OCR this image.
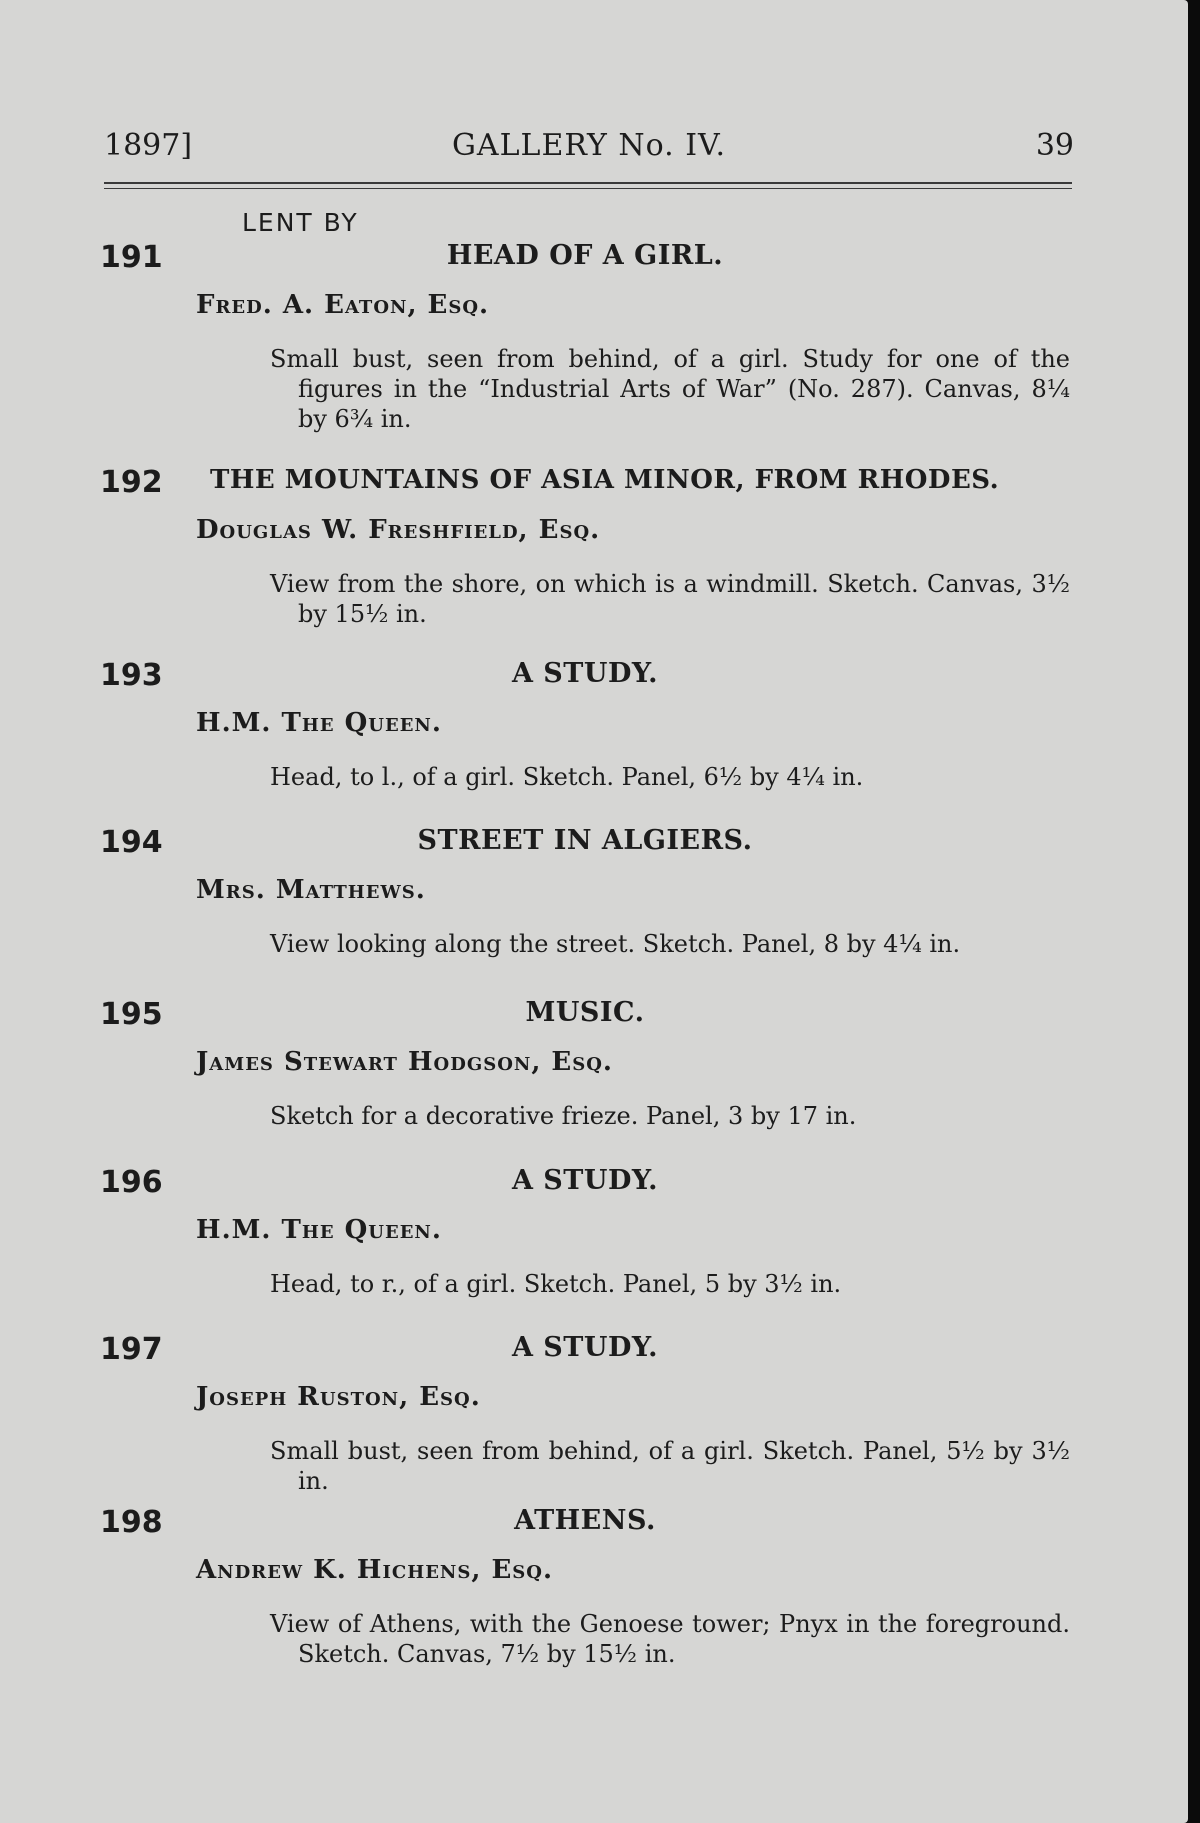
1897]	GALLERY No. IV.	39
LENT BY
191	HEAD OF A GIRL.
Fred. A. Eaton, Esq.
Small bust, seen from behind, of a girl. Study for one of the figures in the “Industrial Arts of War” (No. 287). Canvas, 8¼ by 6¾ in.
192 THE MOUNTAINS OF ASIA MINOR, FROM RHODES.
Douglas W. Freshfield, Esq.
View from the shore, on which is a windmill. Sketch. Canvas, 3½ by 15½ in.
193	A STUDY.
H.M. The Queen.
Head, to l., of a girl. Sketch. Panel, 6½ by 4¼ in.
194	STREET IN ALGIERS.
Mrs. Matthews.
View looking along the street. Sketch. Panel, 8 by 4¼ in.
195	MUSIC.
James Stewart Hodgson, Esq.
Sketch for a decorative frieze. Panel, 3 by 17 in.
196	A STUDY.
H.M. The Queen.
Head, to r., of a girl. Sketch. Panel, 5 by 3½ in.
197	A STUDY.
Joseph Ruston, Esq.
Small bust, seen from behind, of a girl. Sketch. Panel, 5½ by 3½ in.
198	ATHENS.
Andrew K. Hichens, Esq.
View of Athens, with the Genoese tower; Pnyx in the foreground. Sketch. Canvas, 7½ by 15½ in.
